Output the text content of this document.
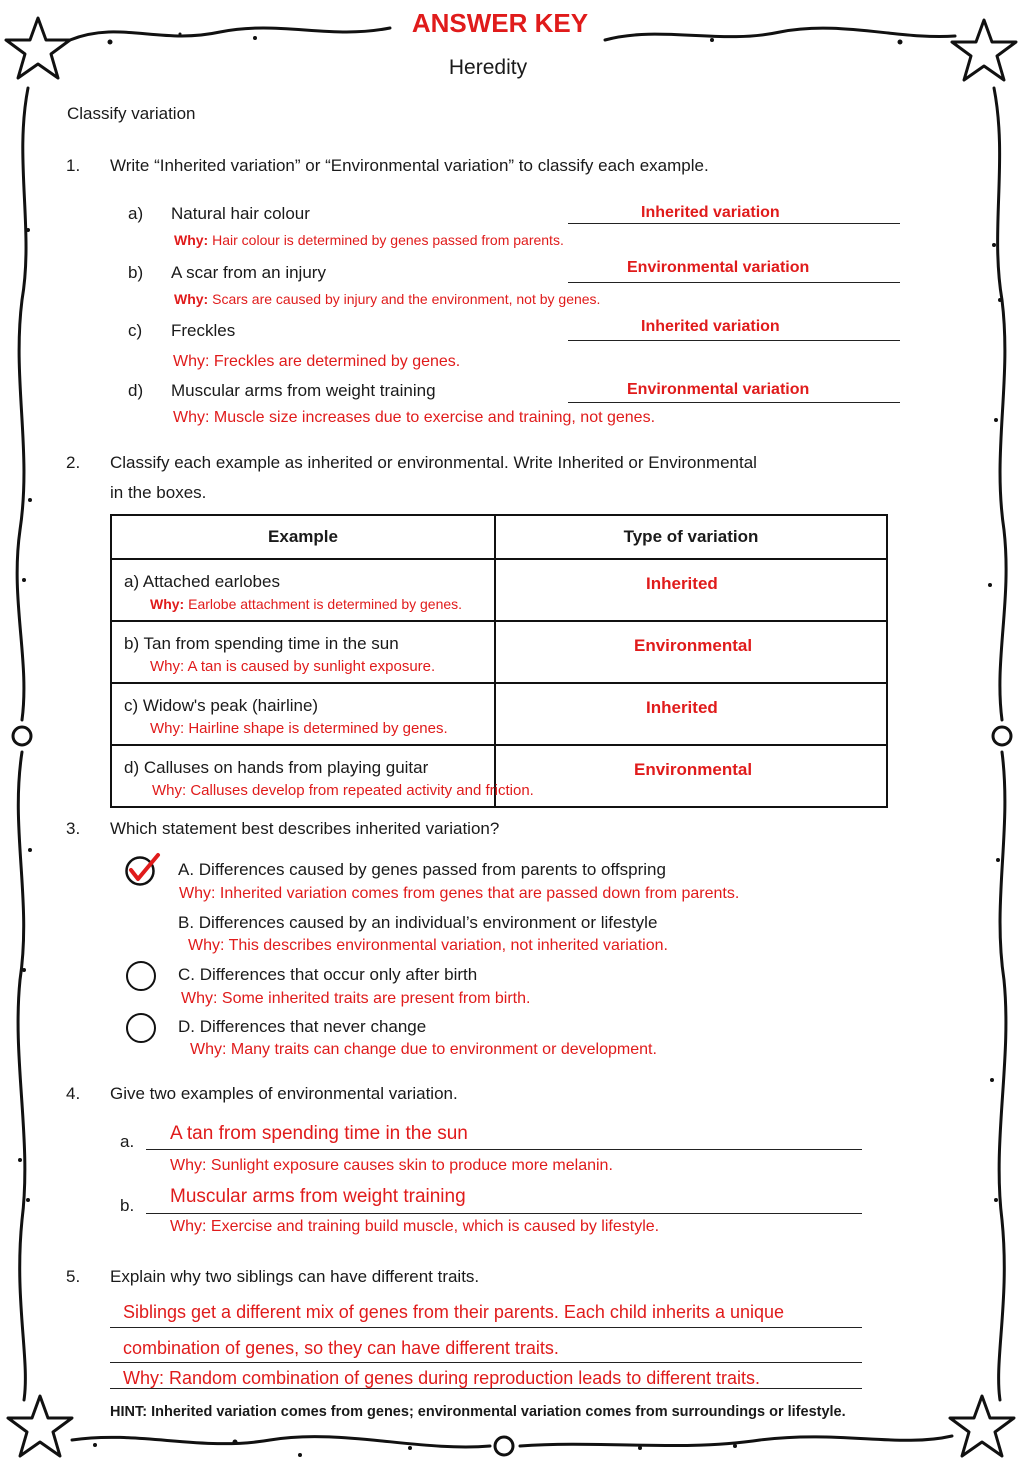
ANSWER KEY
Heredity
Classify variation
1. Write “Inherited variation” or “Environmental variation” to classify each example.
a) Natural hair colour	Inherited variation
Why: Hair colour is determined by genes passed from parents.
b) A scar from an injury	Environmental variation
Why: Scars are caused by injury and the environment, not by genes.
c) Freckles	Inherited variation
Why: Freckles are determined by genes.
d) Muscular arms from weight training	Environmental variation
Why: Muscle size increases due to exercise and training, not genes.
2. Classify each example as inherited or environmental. Write Inherited or Environmental
in the boxes.
Example	Type of variation

a) Attached earlobes
Why: Earlobe attachment is determined by genes.	Inherited

b) Tan from spending time in the sun
Why: A tan is caused by sunlight exposure.	Environmental

c) Widow's peak (hairline)
Why: Hairline shape is determined by genes.	Inherited

d) Calluses on hands from playing guitar
Why: Calluses develop from repeated activity and friction.	Environmental
3. Which statement best describes inherited variation?
A. Differences caused by genes passed from parents to offspring
Why: Inherited variation comes from genes that are passed down from parents.
B. Differences caused by an individual’s environment or lifestyle
Why: This describes environmental variation, not inherited variation.
C. Differences that occur only after birth
Why: Some inherited traits are present from birth.
D. Differences that never change
Why: Many traits can change due to environment or development.
4. Give two examples of environmental variation.
a. A tan from spending time in the sun
Why: Sunlight exposure causes skin to produce more melanin.
b. Muscular arms from weight training
Why: Exercise and training build muscle, which is caused by lifestyle.
5. Explain why two siblings can have different traits.
Siblings get a different mix of genes from their parents. Each child inherits a unique
combination of genes, so they can have different traits.
Why: Random combination of genes during reproduction leads to different traits.
HINT: Inherited variation comes from genes; environmental variation comes from surroundings or lifestyle.
